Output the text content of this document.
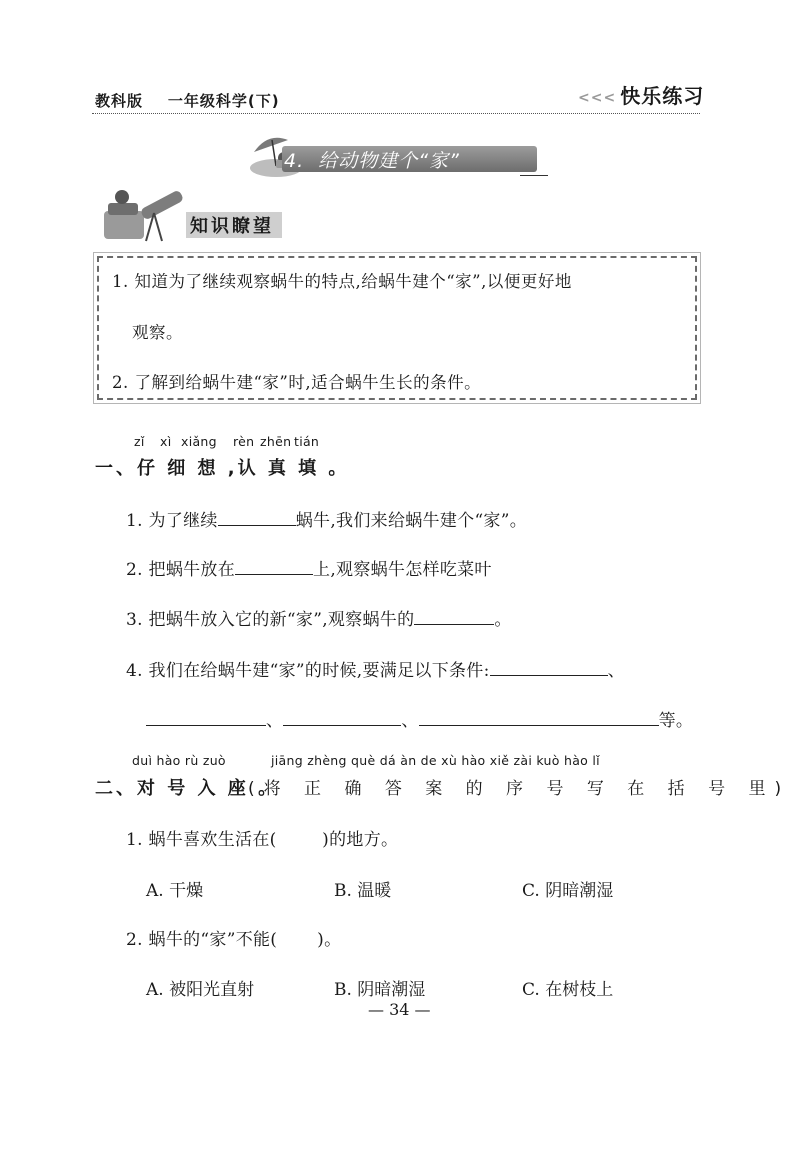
教科版 一年级科学(下)	<<< 快乐练习
4.  给动物建个“家”
知识瞭望
1. 知道为了继续观察蜗牛的特点,给蜗牛建个“家”,以便更好地
观察。
2. 了解到给蜗牛建“家”时,适合蜗牛生长的条件。
zǐ xì xiǎng rèn zhēn tián
一、仔 细 想 ,认 真 填 。
1. 为了继续	蜗牛,我们来给蜗牛建个“家”。
2. 把蜗牛放在	上,观察蜗牛怎样吃菜叶
3. 把蜗牛放入它的新“家”,观察蜗牛的	。
4. 我们在给蜗牛建“家”的时候,要满足以下条件:	、
、	、	等。
duì hào rù zuò	jiāng zhèng què dá àn de xù hào xiě zài kuò hào lǐ
二、对 号 入 座 。
(将 正 确 答 案 的 序 号 写 在 括 号 里)
1. 蜗牛喜欢生活在(        )的地方。
A. 干燥	B. 温暖	C. 阴暗潮湿
2. 蜗牛的“家”不能(       )。
A. 被阳光直射	B. 阴暗潮湿	C. 在树枝上
— 34 —
